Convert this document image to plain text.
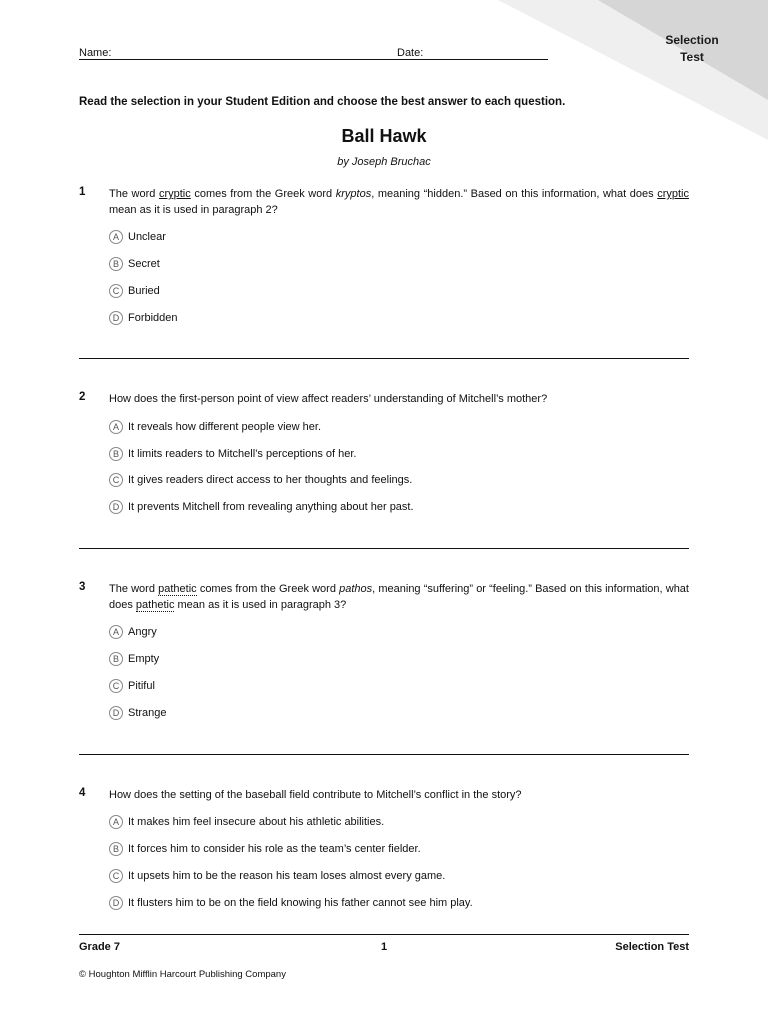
Selection
Test
Name:	Date:
Read the selection in your Student Edition and choose the best answer to each question.
Ball Hawk
by Joseph Bruchac
1 The word cryptic comes from the Greek word kryptos, meaning “hidden.” Based on this information, what does cryptic mean as it is used in paragraph 2?
A Unclear
B Secret
C Buried
D Forbidden
2 How does the first-person point of view affect readers’ understanding of Mitchell’s mother?
A It reveals how different people view her.
B It limits readers to Mitchell’s perceptions of her.
C It gives readers direct access to her thoughts and feelings.
D It prevents Mitchell from revealing anything about her past.
3 The word pathetic comes from the Greek word pathos, meaning “suffering” or “feeling.” Based on this information, what does pathetic mean as it is used in paragraph 3?
A Angry
B Empty
C Pitiful
D Strange
4 How does the setting of the baseball field contribute to Mitchell’s conflict in the story?
A It makes him feel insecure about his athletic abilities.
B It forces him to consider his role as the team’s center fielder.
C It upsets him to be the reason his team loses almost every game.
D It flusters him to be on the field knowing his father cannot see him play.
Grade 7	1	Selection Test
© Houghton Mifflin Harcourt Publishing Company
